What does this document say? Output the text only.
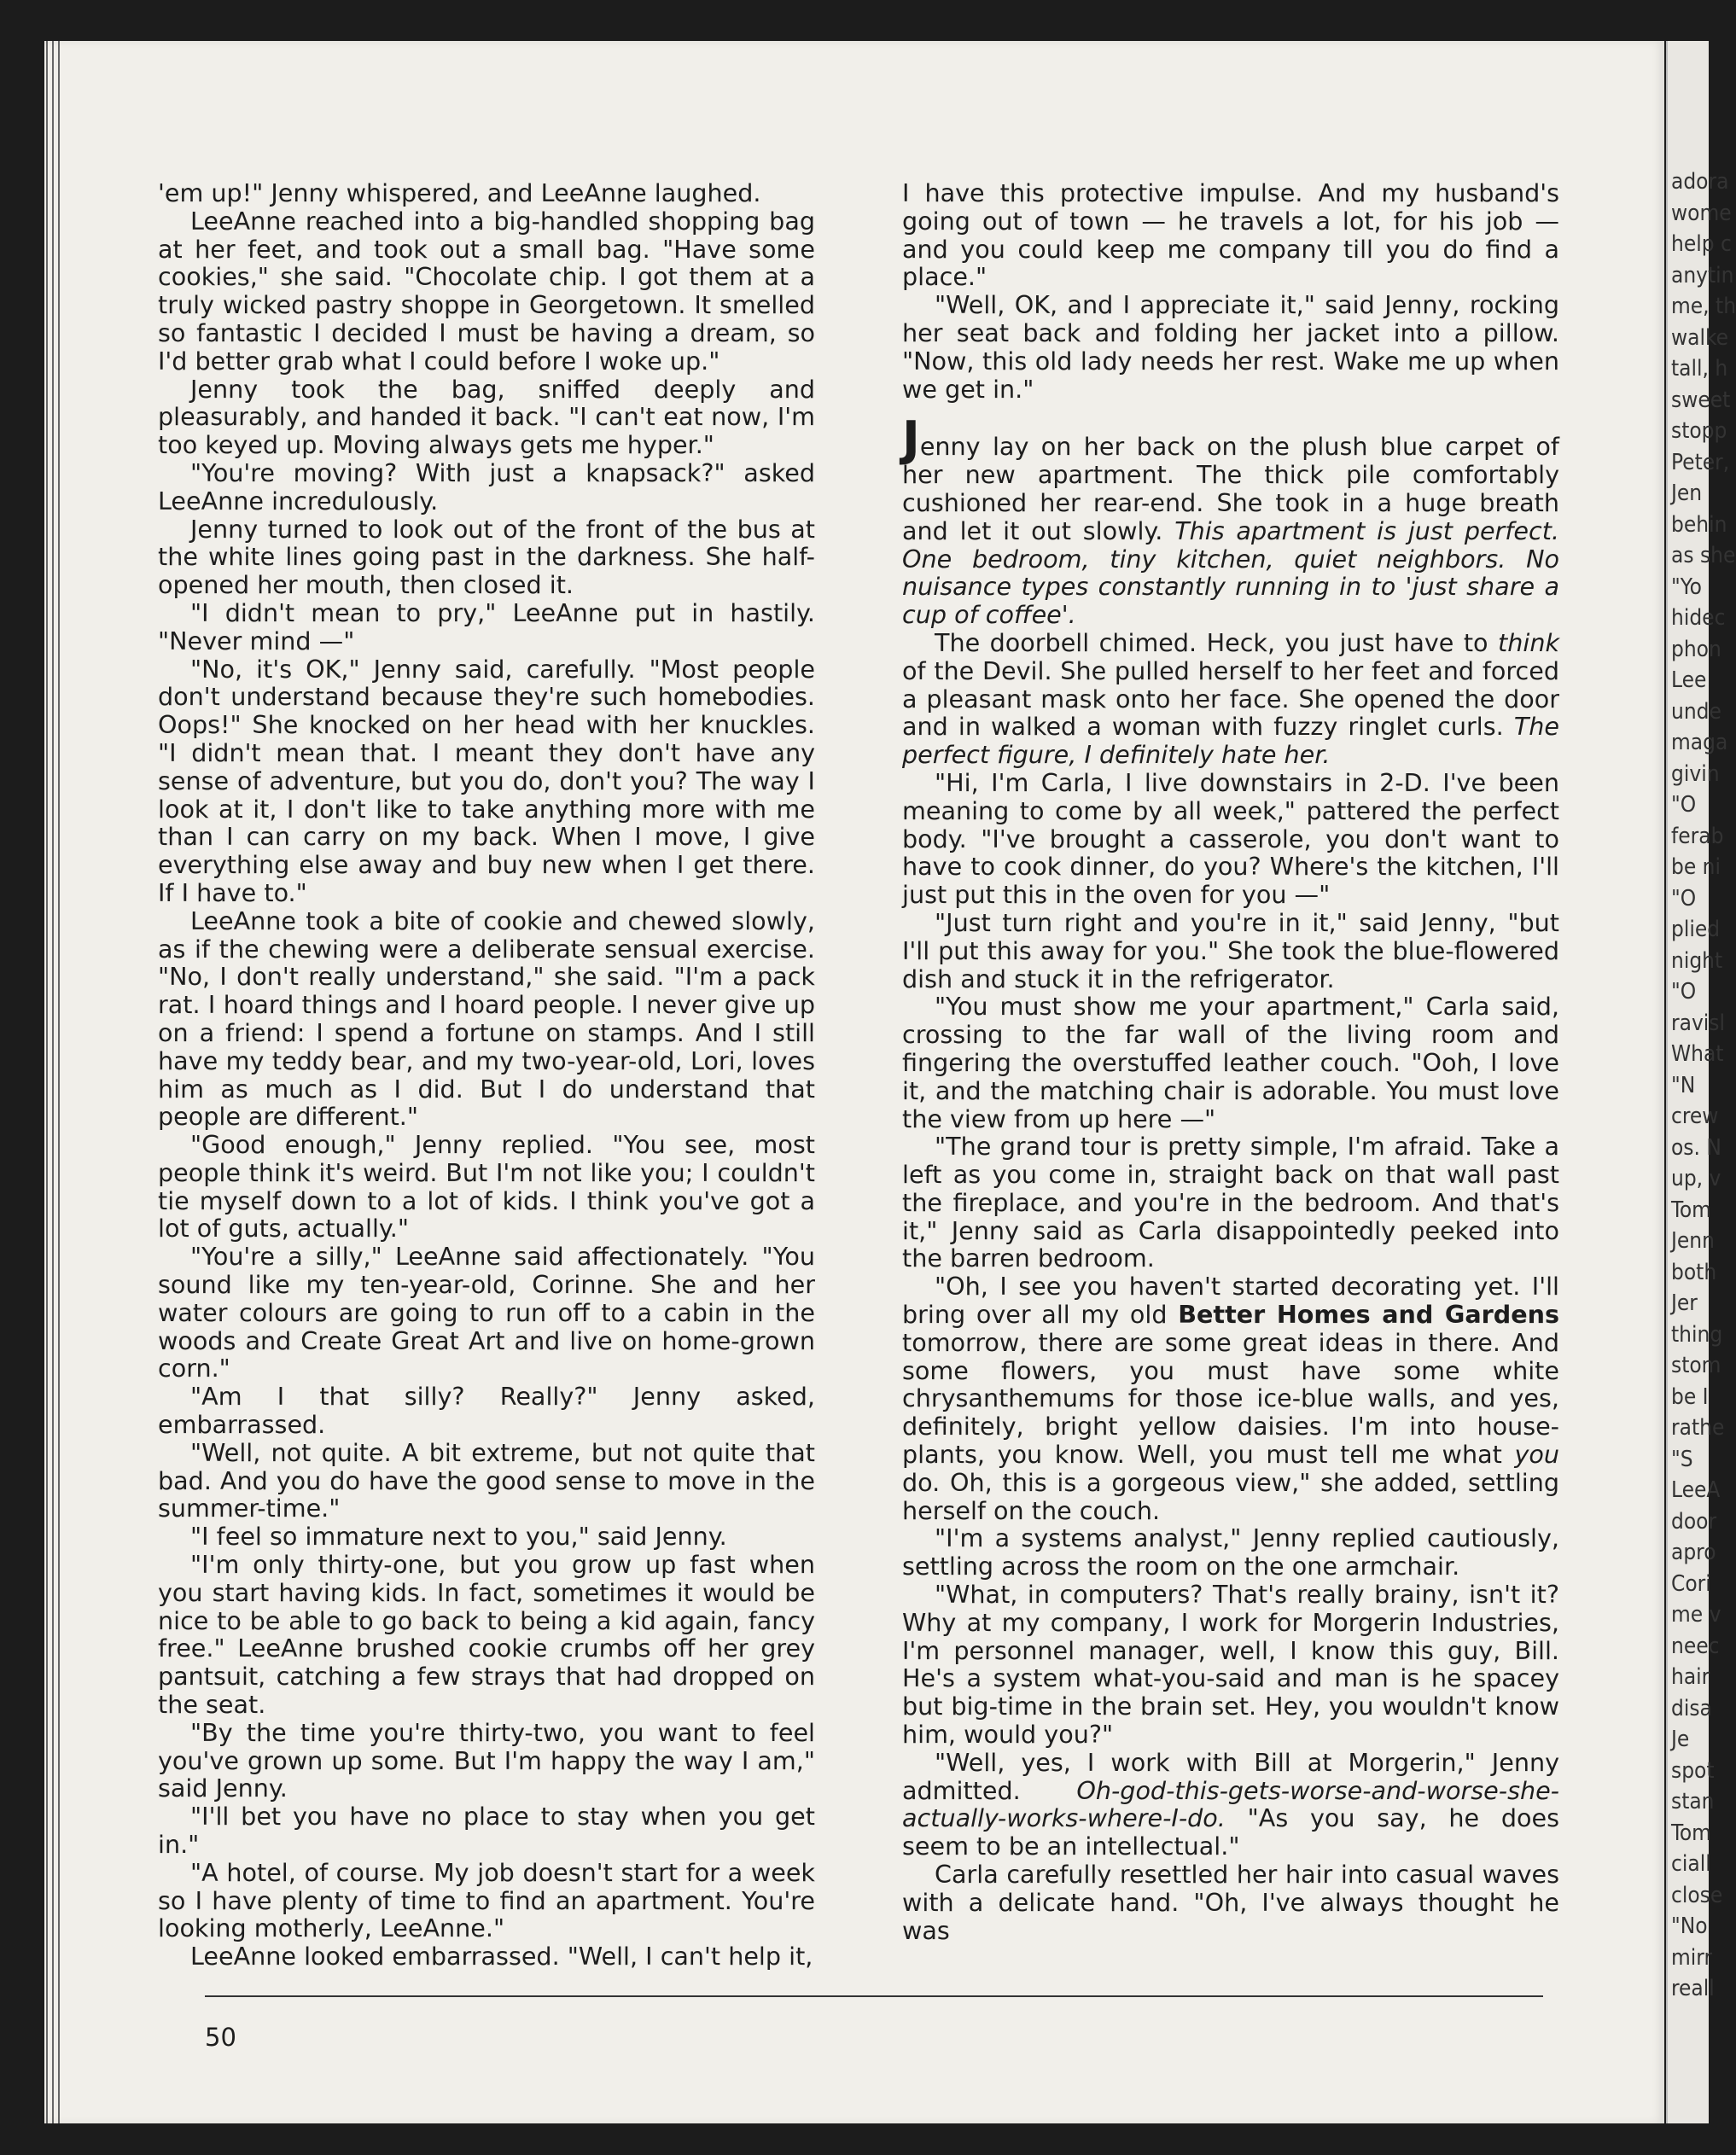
adora
wome
help c
anytin
me, th
walke
tall, h
sweet
stopp
Peter,
Jen
behin
as she
"Yo
hidec
phon
Lee
unde
maga
givin
"O
ferab
be ni
"O
plied
night
"O
ravisl
What
"N
crew
os. N
up, v
Tom
Jenn
both
Jer
thing
stom
be I
rathe
"S
LeeA
door
apro
Cori
me v
neec
hair
disa
Je
spot
stan
Tom
ciall
close
"No
mirr
reall

'em up!" Jenny whispered, and LeeAnne laughed.

LeeAnne reached into a big-handled shopping bag at her feet, and took out a small bag. "Have some cookies," she said. "Chocolate chip. I got them at a truly wicked pastry shoppe in Georgetown. It smelled so fantastic I decided I must be having a dream, so I'd better grab what I could before I woke up."

Jenny took the bag, sniffed deeply and pleasurably, and handed it back. "I can't eat now, I'm too keyed up. Moving always gets me hyper."

"You're moving? With just a knapsack?" asked LeeAnne incredulously.

Jenny turned to look out of the front of the bus at the white lines going past in the darkness. She half-opened her mouth, then closed it.

"I didn't mean to pry," LeeAnne put in hastily. "Never mind —"

"No, it's OK," Jenny said, carefully. "Most people don't understand because they're such homebodies. Oops!" She knocked on her head with her knuckles. "I didn't mean that. I meant they don't have any sense of adventure, but you do, don't you? The way I look at it, I don't like to take anything more with me than I can carry on my back. When I move, I give everything else away and buy new when I get there. If I have to."

LeeAnne took a bite of cookie and chewed slowly, as if the chewing were a deliberate sensual exercise. "No, I don't really understand," she said. "I'm a pack rat. I hoard things and I hoard people. I never give up on a friend: I spend a fortune on stamps. And I still have my teddy bear, and my two-year-old, Lori, loves him as much as I did. But I do understand that people are different."

"Good enough," Jenny replied. "You see, most people think it's weird. But I'm not like you; I couldn't tie myself down to a lot of kids. I think you've got a lot of guts, actually."

"You're a silly," LeeAnne said affectionately. "You sound like my ten-year-old, Corinne. She and her water colours are going to run off to a cabin in the woods and Create Great Art and live on home-grown corn."

"Am I that silly? Really?" Jenny asked, embarrassed.

"Well, not quite. A bit extreme, but not quite that bad. And you do have the good sense to move in the summer-time."

"I feel so immature next to you," said Jenny.

"I'm only thirty-one, but you grow up fast when you start having kids. In fact, sometimes it would be nice to be able to go back to being a kid again, fancy free." LeeAnne brushed cookie crumbs off her grey pantsuit, catching a few strays that had dropped on the seat.

"By the time you're thirty-two, you want to feel you've grown up some. But I'm happy the way I am," said Jenny.

"I'll bet you have no place to stay when you get in."

"A hotel, of course. My job doesn't start for a week so I have plenty of time to find an apartment. You're looking motherly, LeeAnne."

LeeAnne looked embarrassed. "Well, I can't help it,

I have this protective impulse. And my husband's going out of town — he travels a lot, for his job — and you could keep me company till you do find a place."

"Well, OK, and I appreciate it," said Jenny, rocking her seat back and folding her jacket into a pillow. "Now, this old lady needs her rest. Wake me up when we get in."

Jenny lay on her back on the plush blue carpet of her new apartment. The thick pile comfortably cushioned her rear-end. She took in a huge breath and let it out slowly. This apartment is just perfect. One bedroom, tiny kitchen, quiet neighbors. No nuisance types constantly running in to 'just share a cup of coffee'.

The doorbell chimed. Heck, you just have to think of the Devil. She pulled herself to her feet and forced a pleasant mask onto her face. She opened the door and in walked a woman with fuzzy ringlet curls. The perfect figure, I definitely hate her.

"Hi, I'm Carla, I live downstairs in 2-D. I've been meaning to come by all week," pattered the perfect body. "I've brought a casserole, you don't want to have to cook dinner, do you? Where's the kitchen, I'll just put this in the oven for you —"

"Just turn right and you're in it," said Jenny, "but I'll put this away for you." She took the blue-flowered dish and stuck it in the refrigerator.

"You must show me your apartment," Carla said, crossing to the far wall of the living room and fingering the overstuffed leather couch. "Ooh, I love it, and the matching chair is adorable. You must love the view from up here —"

"The grand tour is pretty simple, I'm afraid. Take a left as you come in, straight back on that wall past the fireplace, and you're in the bedroom. And that's it," Jenny said as Carla disappointedly peeked into the barren bedroom.

"Oh, I see you haven't started decorating yet. I'll bring over all my old Better Homes and Gardens tomorrow, there are some great ideas in there. And some flowers, you must have some white chrysanthemums for those ice-blue walls, and yes, definitely, bright yellow daisies. I'm into house-plants, you know. Well, you must tell me what you do. Oh, this is a gorgeous view," she added, settling herself on the couch.

"I'm a systems analyst," Jenny replied cautiously, settling across the room on the one armchair.

"What, in computers? That's really brainy, isn't it? Why at my company, I work for Morgerin Industries, I'm personnel manager, well, I know this guy, Bill. He's a system what-you-said and man is he spacey but big-time in the brain set. Hey, you wouldn't know him, would you?"

"Well, yes, I work with Bill at Morgerin," Jenny admitted. Oh-god-this-gets-worse-and-worse-she-actually-works-where-I-do. "As you say, he does seem to be an intellectual."

Carla carefully resettled her hair into casual waves with a delicate hand. "Oh, I've always thought he was

50
